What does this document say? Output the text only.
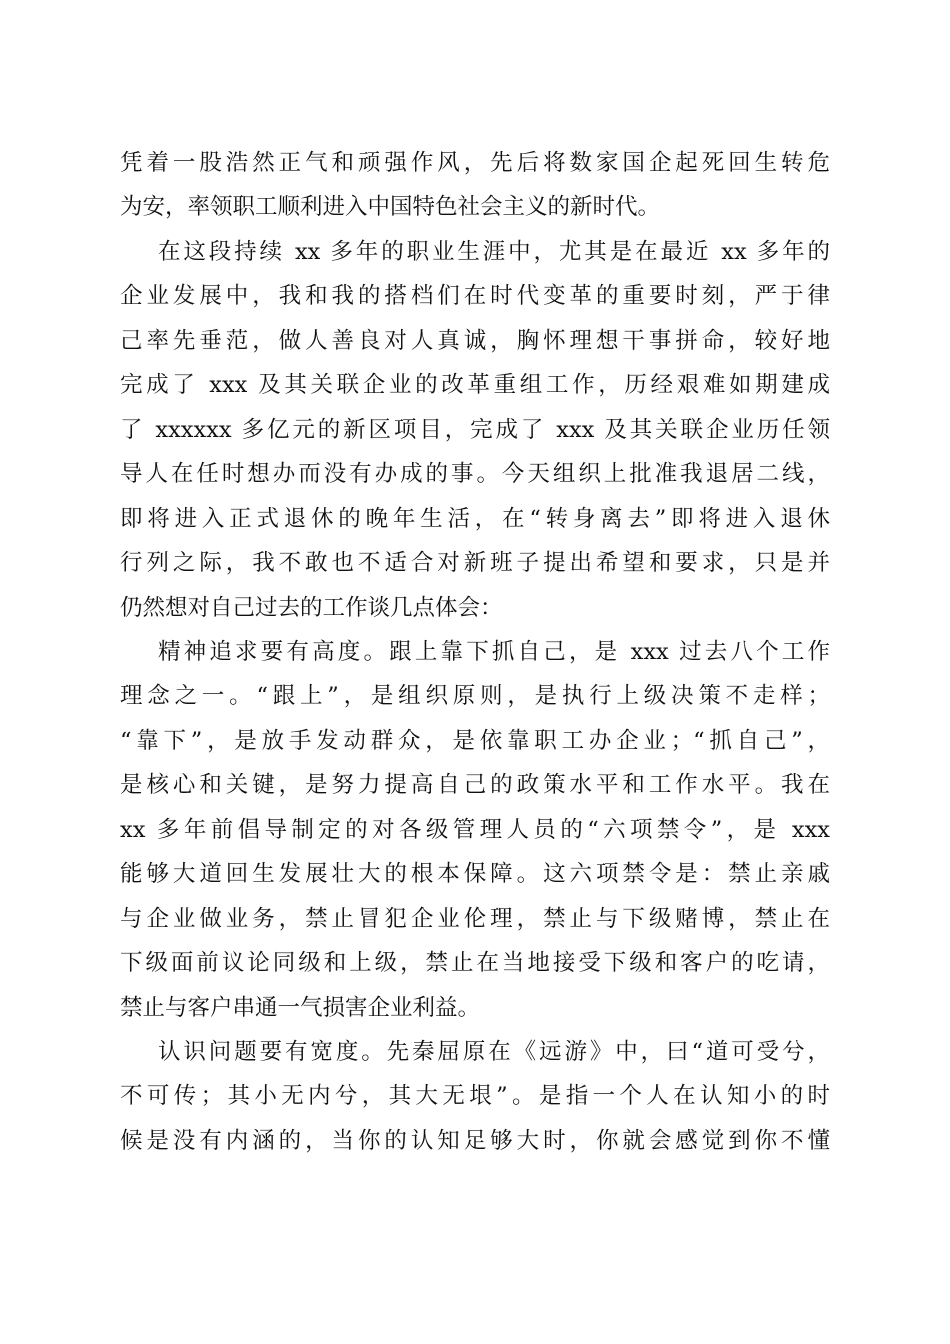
凭着一股浩然正气和顽强作风，先后将数家国企起死回生转危
为安，率领职工顺利进入中国特色社会主义的新时代。
在这段持续 xx 多年的职业生涯中，尤其是在最近 xx 多年的
企业发展中，我和我的搭档们在时代变革的重要时刻，严于律
己率先垂范，做人善良对人真诚，胸怀理想干事拼命，较好地
完成了 xxx 及其关联企业的改革重组工作，历经艰难如期建成
了 xxxxxx 多亿元的新区项目，完成了 xxx 及其关联企业历任领
导人在任时想办而没有办成的事。今天组织上批准我退居二线，
即将进入正式退休的晚年生活，在“转身离去”即将进入退休
行列之际，我不敢也不适合对新班子提出希望和要求，只是并
仍然想对自己过去的工作谈几点体会：
精神追求要有高度。跟上靠下抓自己，是 xxx 过去八个工作
理念之一。“跟上”，是组织原则，是执行上级决策不走样；
“靠下”，是放手发动群众，是依靠职工办企业；“抓自己”，
是核心和关键，是努力提高自己的政策水平和工作水平。我在
xx 多年前倡导制定的对各级管理人员的“六项禁令”，是 xxx
能够大道回生发展壮大的根本保障。这六项禁令是：禁止亲戚
与企业做业务，禁止冒犯企业伦理，禁止与下级赌博，禁止在
下级面前议论同级和上级，禁止在当地接受下级和客户的吃请，
禁止与客户串通一气损害企业利益。
认识问题要有宽度。先秦屈原在《远游》中，曰“道可受兮，
不可传；其小无内兮，其大无垠”。是指一个人在认知小的时
候是没有内涵的，当你的认知足够大时，你就会感觉到你不懂
